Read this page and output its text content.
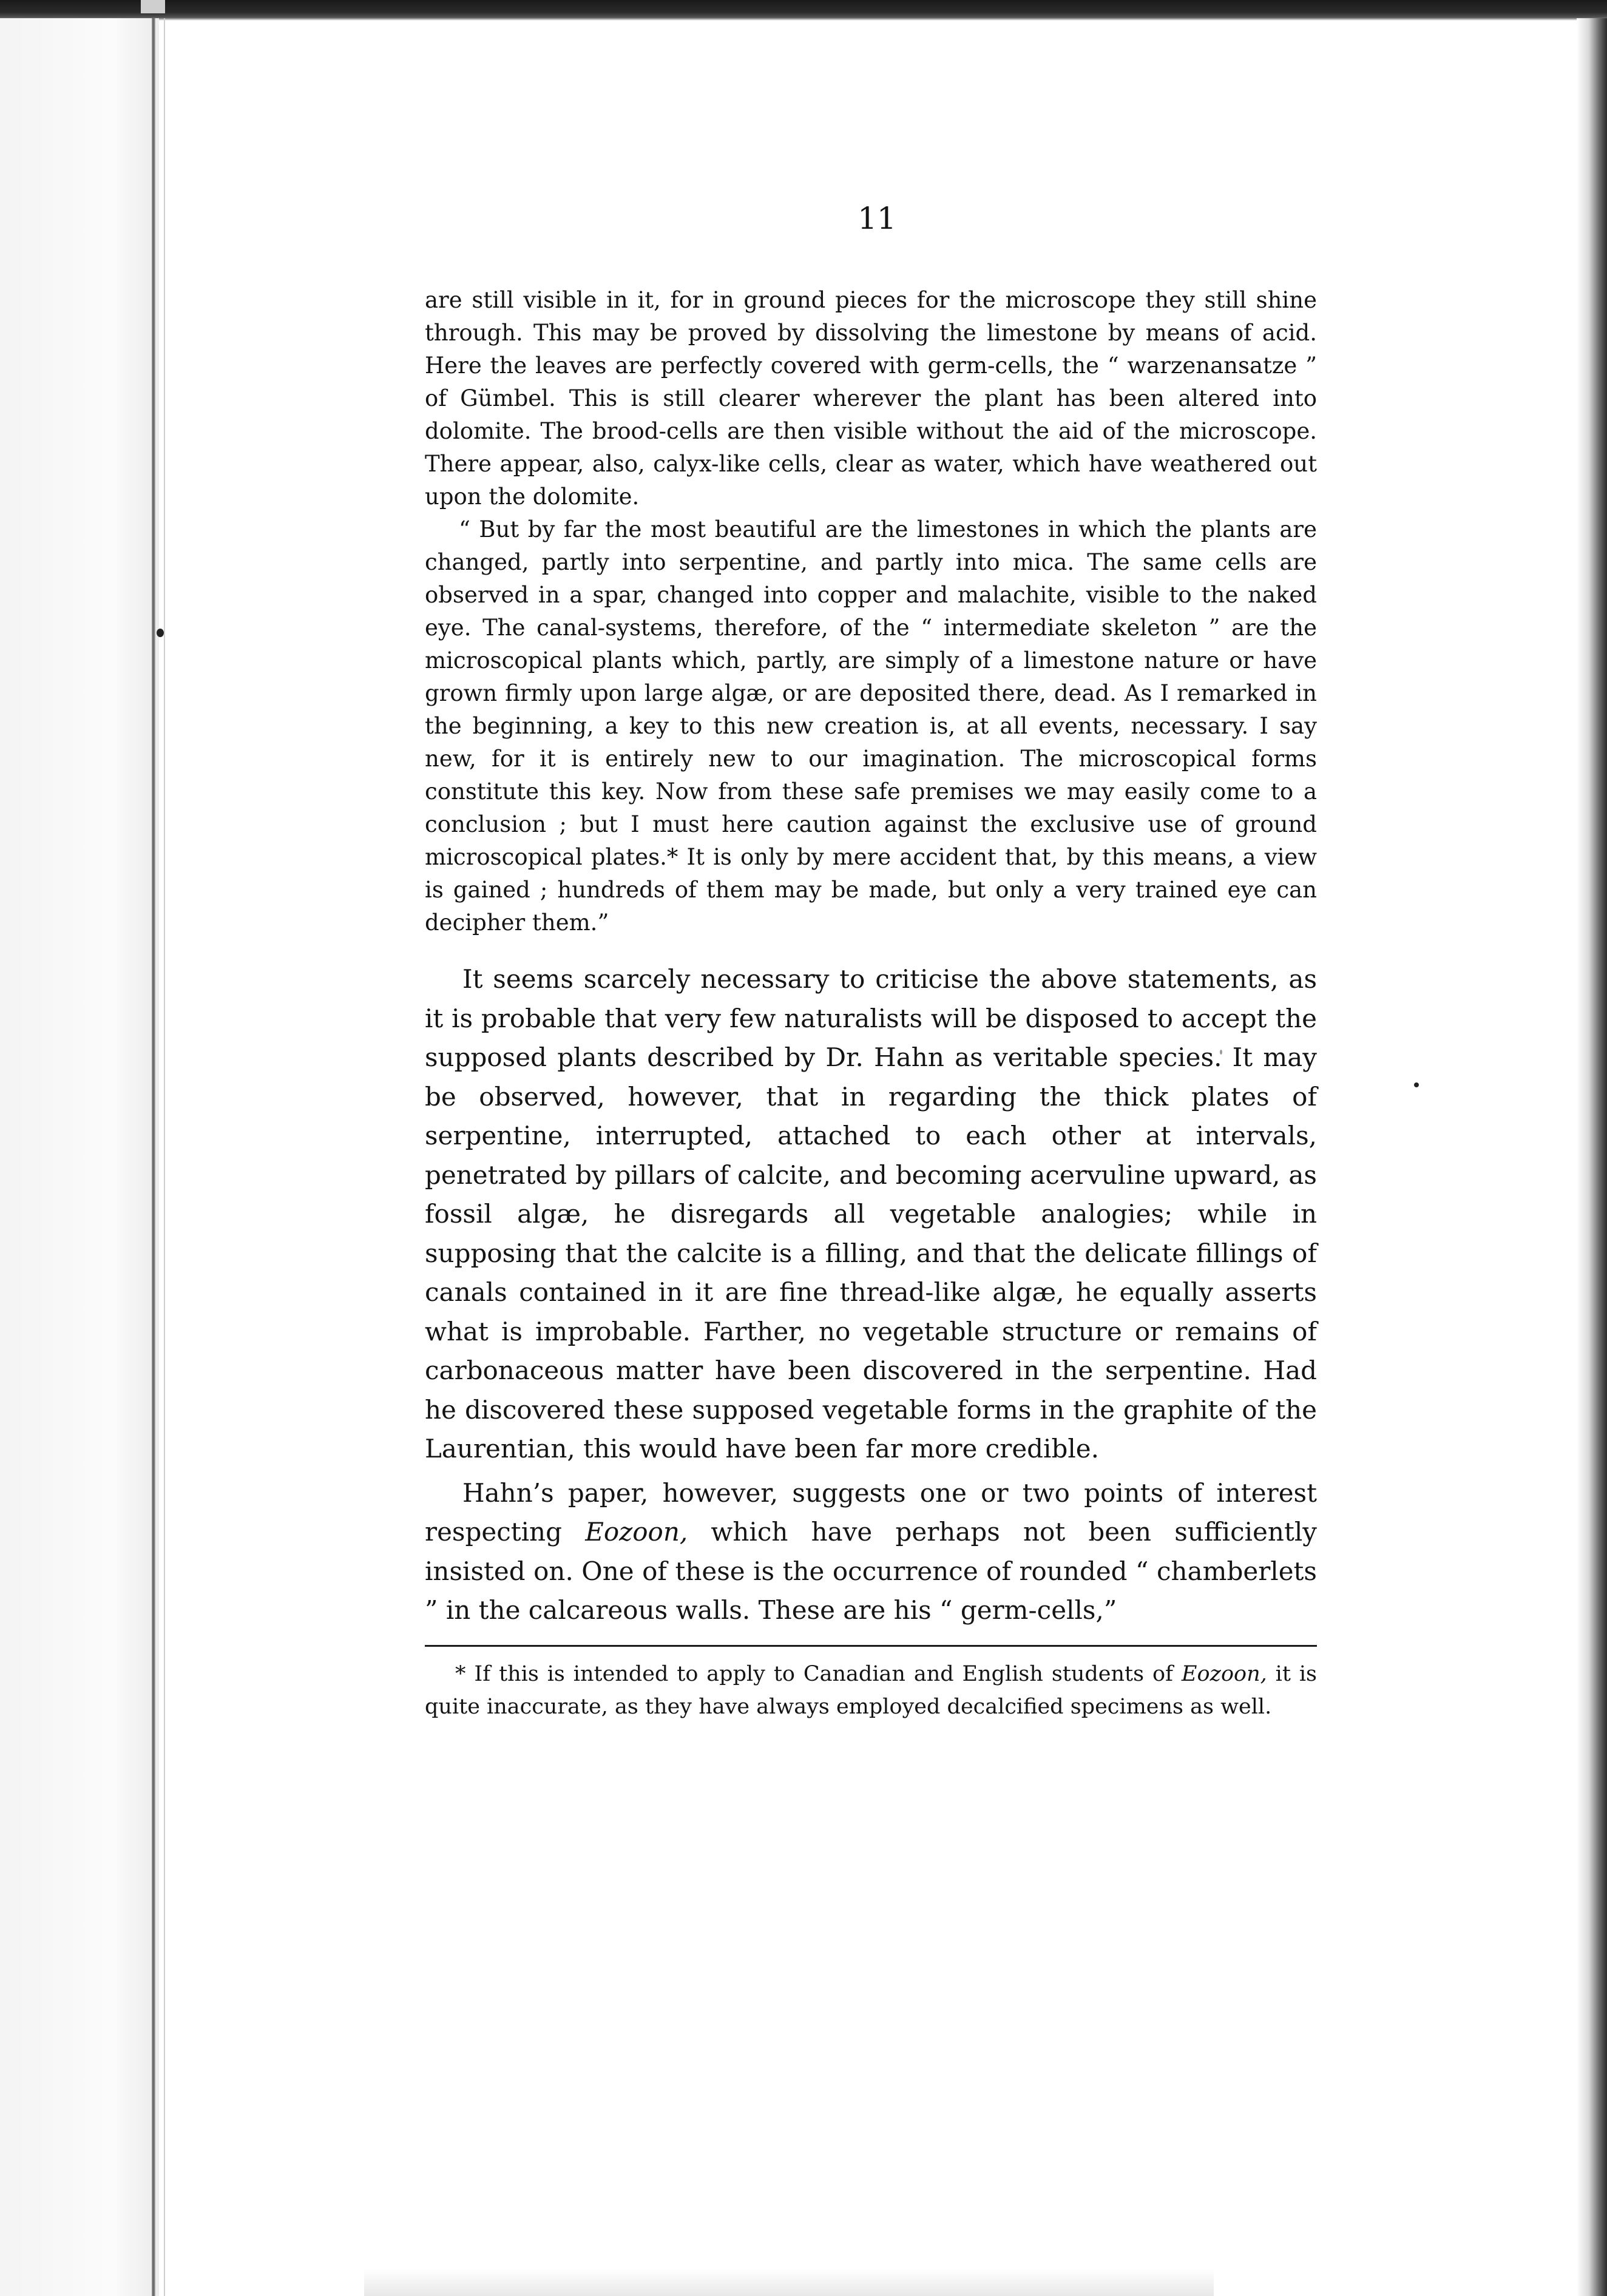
11

are still visible in it, for in ground pieces for the microscope they still shine through. This may be proved by dissolving the limestone by means of acid. Here the leaves are perfectly covered with germ-cells, the “ warzenansatze ” of Gümbel. This is still clearer wherever the plant has been altered into dolomite. The brood-cells are then visible without the aid of the microscope. There appear, also, calyx-like cells, clear as water, which have weathered out upon the dolomite.

“ But by far the most beautiful are the limestones in which the plants are changed, partly into serpentine, and partly into mica. The same cells are observed in a spar, changed into copper and malachite, visible to the naked eye. The canal-systems, therefore, of the “ intermediate skeleton ” are the microscopical plants which, partly, are simply of a limestone nature or have grown firmly upon large algæ, or are deposited there, dead. As I remarked in the beginning, a key to this new creation is, at all events, necessary. I say new, for it is entirely new to our imagination. The microscopical forms constitute this key. Now from these safe premises we may easily come to a conclusion ; but I must here caution against the exclusive use of ground microscopical plates.* It is only by mere accident that, by this means, a view is gained ; hundreds of them may be made, but only a very trained eye can decipher them.”

It seems scarcely necessary to criticise the above statements, as it is probable that very few naturalists will be disposed to accept the supposed plants described by Dr. Hahn as veritable species. It may be observed, however, that in regarding the thick plates of serpentine, interrupted, attached to each other at intervals, penetrated by pillars of calcite, and becoming acervuline upward, as fossil algæ, he disregards all vegetable analogies; while in supposing that the calcite is a filling, and that the delicate fillings of canals contained in it are fine thread-like algæ, he equally asserts what is improbable. Farther, no vegetable structure or remains of carbonaceous matter have been discovered in the serpentine. Had he discovered these supposed vegetable forms in the graphite of the Laurentian, this would have been far more credible.

Hahn’s paper, however, suggests one or two points of interest respecting Eozoon, which have perhaps not been sufficiently insisted on. One of these is the occurrence of rounded “ chamberlets ” in the calcareous walls. These are his “ germ-cells,”

* If this is intended to apply to Canadian and English students of Eozoon, it is quite inaccurate, as they have always employed decalcified specimens as well.
